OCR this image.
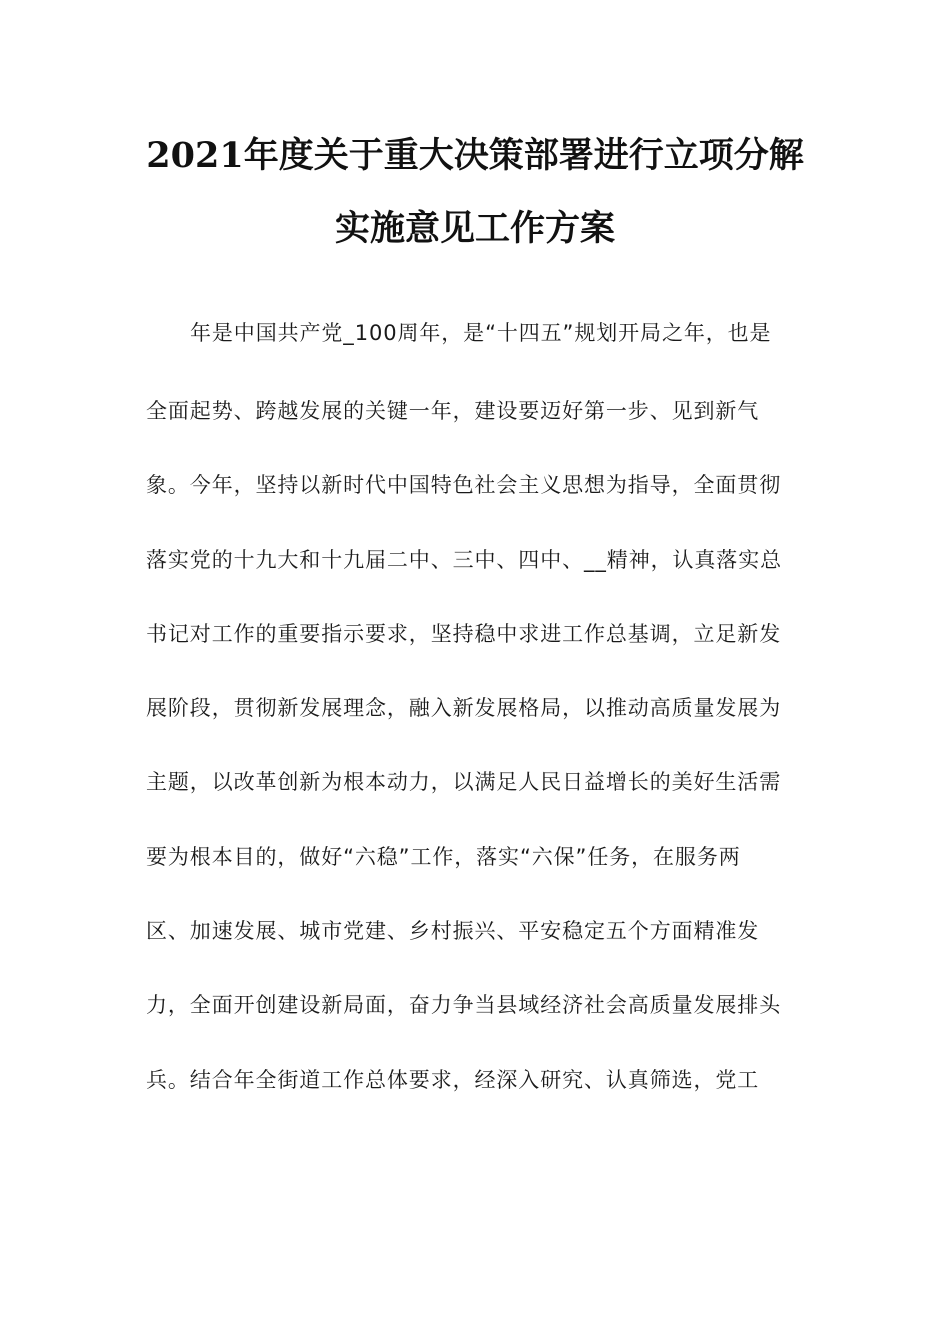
2021年度关于重大决策部署进行立项分解
实施意见工作方案
年是中国共产党_100周年，是“十四五”规划开局之年，也是
全面起势、跨越发展的关键一年，建设要迈好第一步、见到新气
象。今年，坚持以新时代中国特色社会主义思想为指导，全面贯彻
落实党的十九大和十九届二中、三中、四中、__精神，认真落实总
书记对工作的重要指示要求，坚持稳中求进工作总基调，立足新发
展阶段，贯彻新发展理念，融入新发展格局，以推动高质量发展为
主题，以改革创新为根本动力，以满足人民日益增长的美好生活需
要为根本目的，做好“六稳”工作，落实“六保”任务，在服务两
区、加速发展、城市党建、乡村振兴、平安稳定五个方面精准发
力，全面开创建设新局面，奋力争当县域经济社会高质量发展排头
兵。结合年全街道工作总体要求，经深入研究、认真筛选，党工
